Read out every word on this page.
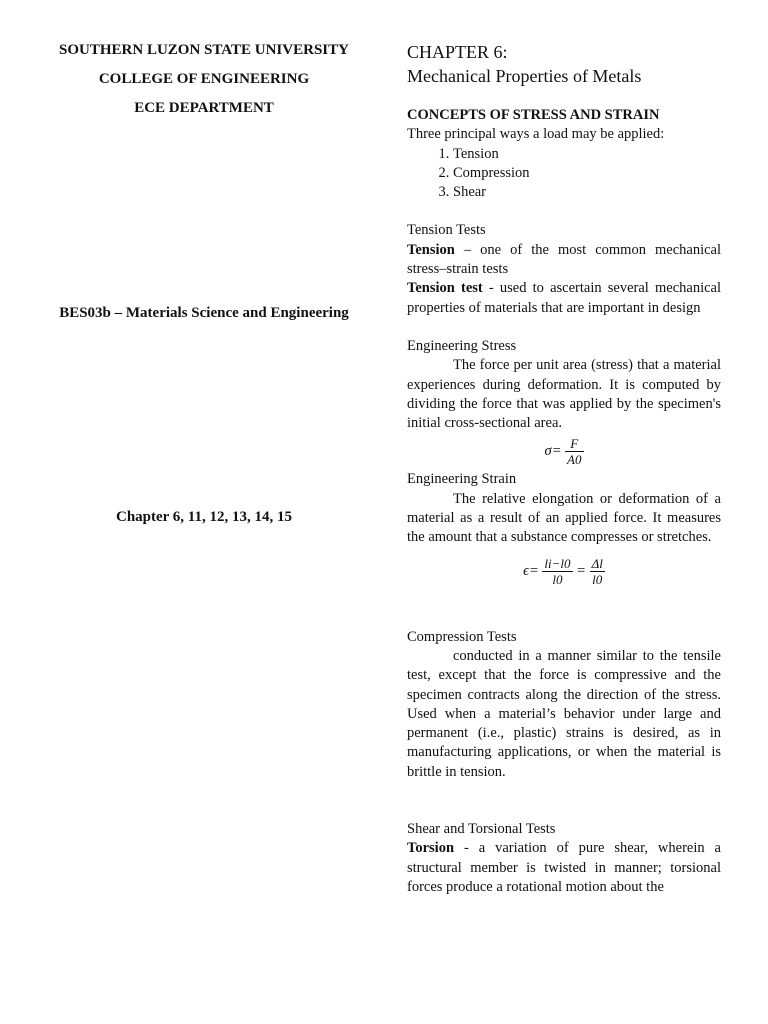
SOUTHERN LUZON STATE UNIVERSITY
COLLEGE OF ENGINEERING
ECE DEPARTMENT
BES03b – Materials Science and Engineering
Chapter 6, 11, 12, 13, 14, 15

CHAPTER 6:

Mechanical Properties of Metals

CONCEPTS OF STRESS AND STRAIN

Three principal ways a load may be applied:

1. Tension
2. Compression
3. Shear

Tension Tests

Tension – one of the most common mechanical stress–strain tests

Tension test - used to ascertain several mechanical properties of materials that are important in design

Engineering Stress

The force per unit area (stress) that a material experiences during deformation. It is computed by dividing the force that was applied by the specimen's initial cross-sectional area.

$\sigma= \frac{F}{A0}$

Engineering Strain

The relative elongation or deformation of a material as a result of an applied force. It measures the amount that a substance compresses or stretches.

$\epsilon= \frac{li-l0}{l0} = \frac{\Delta l}{l0}$

Compression Tests

conducted in a manner similar to the tensile test, except that the force is compressive and the specimen contracts along the direction of the stress. Used when a material’s behavior under large and permanent (i.e., plastic) strains is desired, as in manufacturing applications, or when the material is brittle in tension.

Shear and Torsional Tests

Torsion - a variation of pure shear, wherein a structural member is twisted in manner; torsional forces produce a rotational motion about the
